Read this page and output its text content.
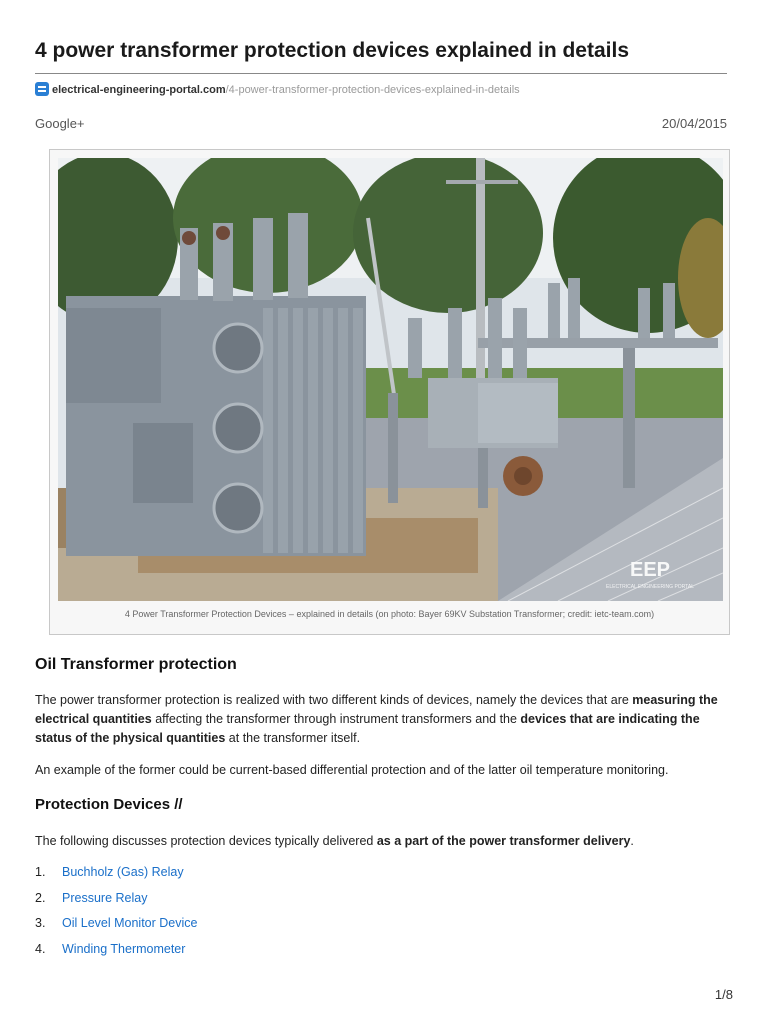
4 power transformer protection devices explained in details
electrical-engineering-portal.com/4-power-transformer-protection-devices-explained-in-details
Google+	20/04/2015
EEP
ELECTRICAL ENGINEERING PORTAL
4 Power Transformer Protection Devices – explained in details (on photo: Bayer 69KV Substation Transformer; credit: ietc-team.com)
Oil Transformer protection

The power transformer protection is realized with two different kinds of devices, namely the devices that are measuring the electrical quantities affecting the transformer through instrument transformers and the devices that are indicating the status of the physical quantities at the transformer itself.

An example of the former could be current-based differential protection and of the latter oil temperature monitoring.

Protection Devices //

The following discusses protection devices typically delivered as a part of the power transformer delivery.

1. Buchholz (Gas) Relay
2. Pressure Relay
3. Oil Level Monitor Device
4. Winding Thermometer
1/8
